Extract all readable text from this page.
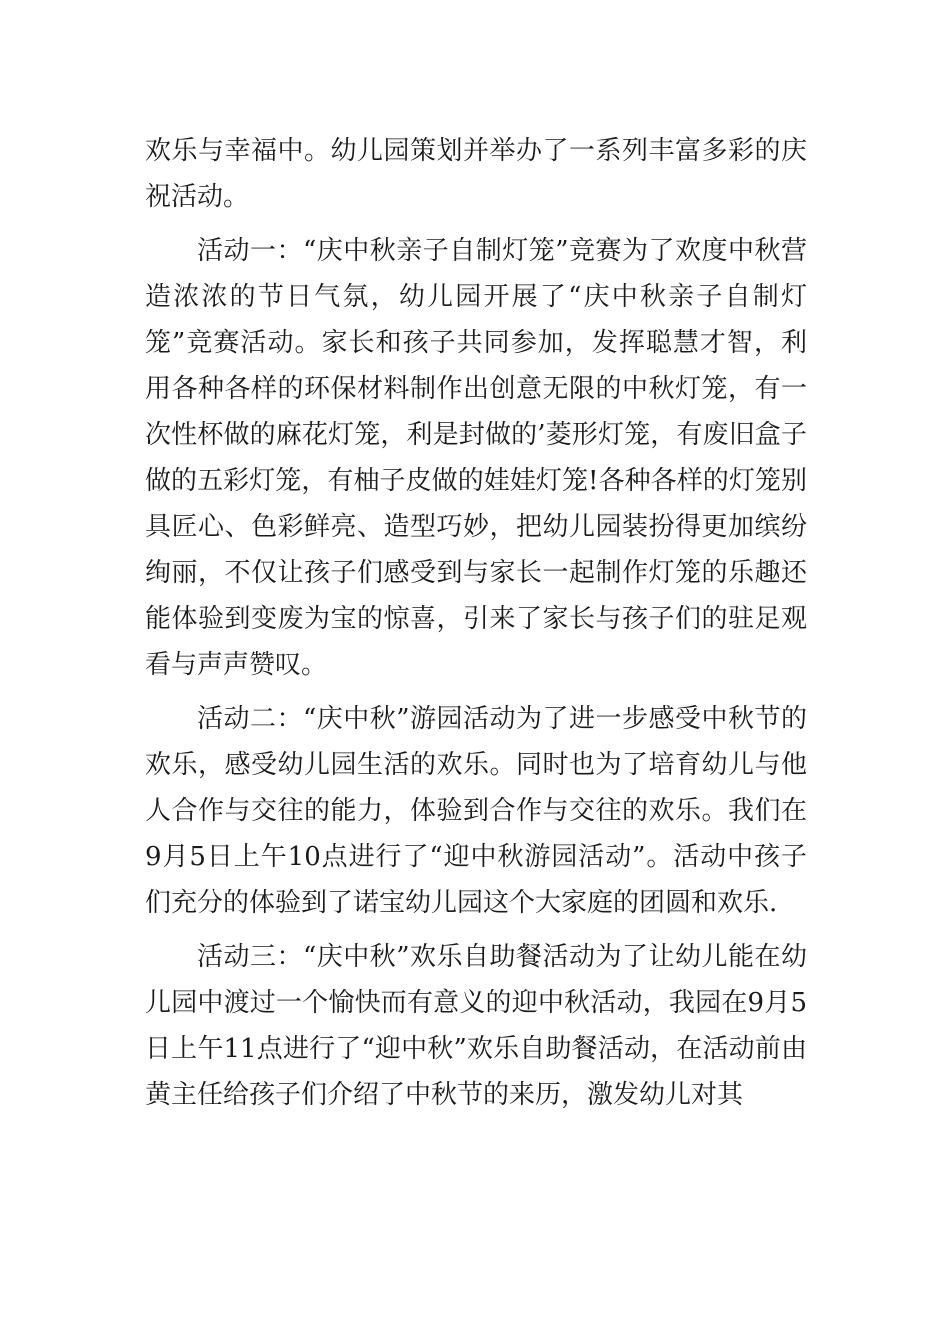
欢乐与幸福中。幼儿园策划并举办了一系列丰富多彩的庆祝活动。

活动一：“庆中秋亲子自制灯笼”竞赛为了欢度中秋营造浓浓的节日气氛，幼儿园开展了“庆中秋亲子自制灯笼”竞赛活动。家长和孩子共同参加，发挥聪慧才智，利用各种各样的环保材料制作出创意无限的中秋灯笼，有一次性杯做的麻花灯笼，利是封做的’菱形灯笼，有废旧盒子做的五彩灯笼，有柚子皮做的娃娃灯笼!各种各样的灯笼别具匠心、色彩鲜亮、造型巧妙，把幼儿园装扮得更加缤纷绚丽，不仅让孩子们感受到与家长一起制作灯笼的乐趣还能体验到变废为宝的惊喜，引来了家长与孩子们的驻足观看与声声赞叹。

活动二：“庆中秋”游园活动为了进一步感受中秋节的欢乐，感受幼儿园生活的欢乐。同时也为了培育幼儿与他人合作与交往的能力，体验到合作与交往的欢乐。我们在9月5日上午10点进行了“迎中秋游园活动”。活动中孩子们充分的体验到了诺宝幼儿园这个大家庭的团圆和欢乐.

活动三：“庆中秋”欢乐自助餐活动为了让幼儿能在幼儿园中渡过一个愉快而有意义的迎中秋活动，我园在9月5日上午11点进行了“迎中秋”欢乐自助餐活动，在活动前由黄主任给孩子们介绍了中秋节的来历，激发幼儿对其
